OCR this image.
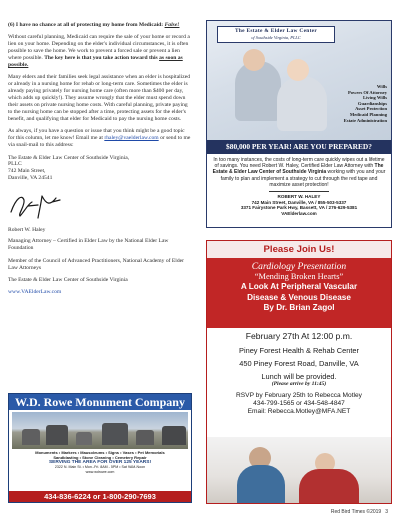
(6) I have no chance at all of protecting my home from Medicaid: False!

Without careful planning, Medicaid can require the sale of your home or record a lien on your home. Depending on the elder's individual circumstances, it is often possible to save the home. We work to prevent a forced sale or prevent a lien where possible. The key here is that you take action toward this as soon as possible.

Many elders and their families seek legal assistance when an elder is hospitalized or already in a nursing home for rehab or long-term care. Sometimes the elder is already paying privately for nursing home care (often more than $400 per day, which adds up quickly!). They assume wrongly that the elder must spend down their assets on private nursing home costs. With careful planning, private paying to the nursing home can be stopped after a time, protecting assets for the elder's benefit, and qualifying that elder for Medicaid to pay the nursing home costs.

As always, if you have a question or issue that you think might be a good topic for this column, let me know! Email me at rhaley@vaelderlaw.com or send to me via snail-mail to this address:

The Estate & Elder Law Center of Southside Virginia,
PLLC
742 Main Street,
Danville, VA 24541

Robert W. Haley

Managing Attorney – Certified in Elder Law by the National Elder Law Foundation

Member of the Council of Advanced Practitioners, National Academy of Elder Law Attorneys

The Estate & Elder Law Center of Southside Virginia

www.VAElderLaw.com

W.D. Rowe Monument Company
Monuments • Markers • Mausoleums • Signs • Vases • Pet Memorials
Sandblasting • Stone Cleaning • Cemetery Repair
SERVING THE AREA FOR OVER 125 YEARS!
2322 N. Main St. • Mon.-Fri. 8AM - 5PM • Sat 9AM-Noon
www.wdrowe.com
434-836-6224 or 1-800-290-7693
The Estate & Elder Law Center
of Southside Virginia, PLLC
Wills
Powers Of Attorney
Living Wills
Guardianships
Asset Protection
Medicaid Planning
Estate Administration
$80,000 PER YEAR! ARE YOU PREPARED?
In too many instances, the costs of long-term care quickly wipes out a lifetime of savings. You need Robert W. Haley, Certified Elder Law Attorney with The Estate & Elder Law Center of Southside Virginia working with you and your family to plan and implement a strategy to cut through the red tape and maximize asset protection!
ROBERT W. HALEY
742 Main Street, Danville, VA / 855-503-5337
3371 Fairystone Park Hwy, Bassett, VA / 276-629-5381
VAElderlaw.com
Please Join Us!
Cardiology Presentation
“Mending Broken Hearts”
A Look At Peripheral Vascular
Disease & Venous Disease
By Dr. Brian Zagol
February 27th At 12:00 p.m.
Piney Forest Health & Rehab Center
450 Piney Forest Road, Danville, VA
Lunch will be provided.
(Please arrive by 11:45)
RSVP by February 25th to Rebecca Motley
434-799-1565 or 434-548-4847
Email: Rebecca.Motley@MFA.NET
Red Bird Times ©2019 3
